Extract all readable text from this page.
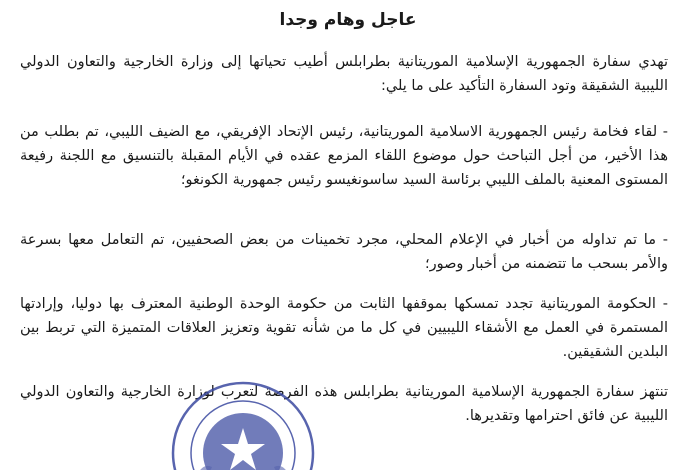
عاجل وهام وجدا
تهدي سفارة الجمهورية الإسلامية الموريتانية بطرابلس أطيب تحياتها إلى وزارة الخارجية والتعاون الدولي الليبية الشقيقة وتود السفارة التأكيد على ما يلي:
- لقاء فخامة رئيس الجمهورية الاسلامية الموريتانية، رئيس الإتحاد الإفريقي، مع الضيف الليبي، تم بطلب من هذا الأخير، من أجل التباحث حول موضوع اللقاء المزمع عقده في الأيام المقبلة بالتنسيق مع اللجنة رفيعة المستوى المعنية بالملف الليبي برئاسة السيد ساسونغيسو رئيس جمهورية الكونغو؛
- ما تم تداوله من أخبار في الإعلام المحلي، مجرد تخمينات من بعض الصحفيين، تم التعامل معها بسرعة والأمر بسحب ما تتضمنه من أخبار وصور؛
- الحكومة الموريتانية تجدد تمسكها بموقفها الثابت من حكومة الوحدة الوطنية المعترف بها دوليا، وإرادتها المستمرة في العمل مع الأشقاء الليبيين في كل ما من شأنه تقوية وتعزيز العلاقات المتميزة التي تربط بين البلدين الشقيقين.
تنتهز سفارة الجمهورية الإسلامية الموريتانية بطرابلس هذه الفرصة لتعرب لوزارة الخارجية والتعاون الدولي الليبية عن فائق احترامها وتقديرها.
